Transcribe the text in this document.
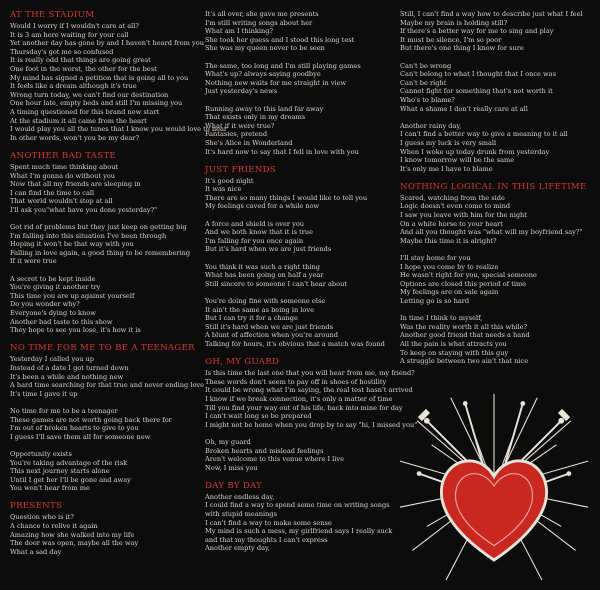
AT THE STADIUM
Would I worry if I wouldn't care at all?
It is 3 am here waiting for your call
Yet another day has gone by and I haven't heard from you
Thursday's got me so confused
It is really odd that things are going great
One foot in the worst, the other for the best
My mind has signed a petition that is going all to you
It feels like a dream although it's true
Wrong turn today, we can't find our destination
One hour late, empty beds and still I'm missing you
A timing questioned for this brand new start
At the stadium it all came from the heart
I would play you all the tunes that I know you would love to hear
In other words, won't you be my dear?
ANOTHER BAD TASTE
Spent much time thinking about
What I'm gonna do without you
Now that all my friends are sleeping in
I can find the time to call
That world wouldn't stop at all
I'll ask you"what have you done yesterday?"
Got rid of problems but they just keep on getting big
I'm falling into this situation I've been through
Hoping it won't be that way with you
Falling in love again, a good thing to be remembering
If it were true
A secret to be kept inside
You're giving it another try
This time you are up against yourself
Do you wonder why?
Everyone's dying to know
Another bad taste to this show
They hope to see you lose, it's how it is
NO TIME FOR ME TO BE A TEENAGER
Yesterday I called you up
Instead of a date I got turned down
It's been a while and nothing new
A hard time searching for that true and never ending love
It's time I gave it up
No time for me to be a teenager
These games are not worth going back there for
I'm out of broken hearts to give to you
I guess I'll save them all for someone new
Opportunity exists
You're taking advantage of the risk
This next journey starts alone
Until I get her I'll be gone and away
You won't hear from me
PRESENTS
Question who is it?
A chance to relive it again
Amazing how she walked into my life
The door was open, maybe all the way
What a sad day
It's all over, she gave me presents
I'm still writing songs about her
What am I thinking?
She took her guess and I stood this long test
She was my queen never to be seen
The same, too long and I'm still playing games
What's up? always saying goodbye
Nothing new waits for me straight in view
Just yesterday's news
Running away to this land far away
That exists only in my dreams
What if it were true?
Fantasies, pretend
She's Alice in Wonderland
It's hard now to say that I fell in love with you
JUST FRIENDS
It's good night
It was nice
There are so many things I would like to tell you
My feelings caved for a while now
A force and shield is over you
And we both know that it is true
I'm falling for you once again
But it's hard when we are just friends
You think it was such a right thing
What has been going on half a year
Still sincere to someone I can't hear about
You're doing fine with someone else
It ain't the same as being in love
But I can try it for a change
Still it's hard when we are just friends
A blunt of affection when you're around
Talking for hours, it's obvious that a match was found
OH, MY GUARD
Is this time the last one that you will hear from me, my friend?
These words don't seem to pay off in shoes of hostility
It could be wrong what I'm saying, the real test hasn't arrived
I know if we break connection, it's only a matter of time
Till you find your way out of his life, back into mine for day
I can't wait long so be prepared
I might not be home when you drop by to say "hi, I missed you"
Oh, my guard
Broken hearts and mislead feelings
Aren't welcome to this venue where I live
Now, I miss you
DAY BY DAY
Another endless day,
I could find a way to spend some time on writing songs
with stupid meanings
I can't find a way to make some sense
My mind is such a mess, my girlfriend says I really suck
and that my thoughts I can't express
Another empty day,
Still, I can't find a way how to describe just what I feel
Maybe my brain is holding still?
If there's a better way for me to sing and play
It must be silence, I'm so poor
But there's one thing I know for sure
Can't be wrong
Can't belong to what I thought that I once was
Can't be right
Cannot fight for something that's not worth it
Who's to blame?
What a shame I don't really care at all
Another rainy day,
I can't find a better way to give a meaning to it all
I guess my luck is very small
When I woke up today drunk from yesterday
I know tomorrow will be the same
It's only me I have to blame
NOTHING LOGICAL IN THIS LIFETIME
Scared, watching from the side
Logic doesn't even come to mind
I saw you leave with him for the night
On a white horse to your heart
And all you thought was "what will my boyfriend say?"
Maybe this time it is alright?
I'll stay home for you
I hope you come by to realize
He wasn't right for you, special someone
Options are closed this period of time
My feelings are on sale again
Letting go is so hard
In time I think to myself,
Was the reality worth it all this while?
Another good friend that needs a hand
All the pain is what attracts you
To keep on staying with this guy
A struggle between two ain't that nice
